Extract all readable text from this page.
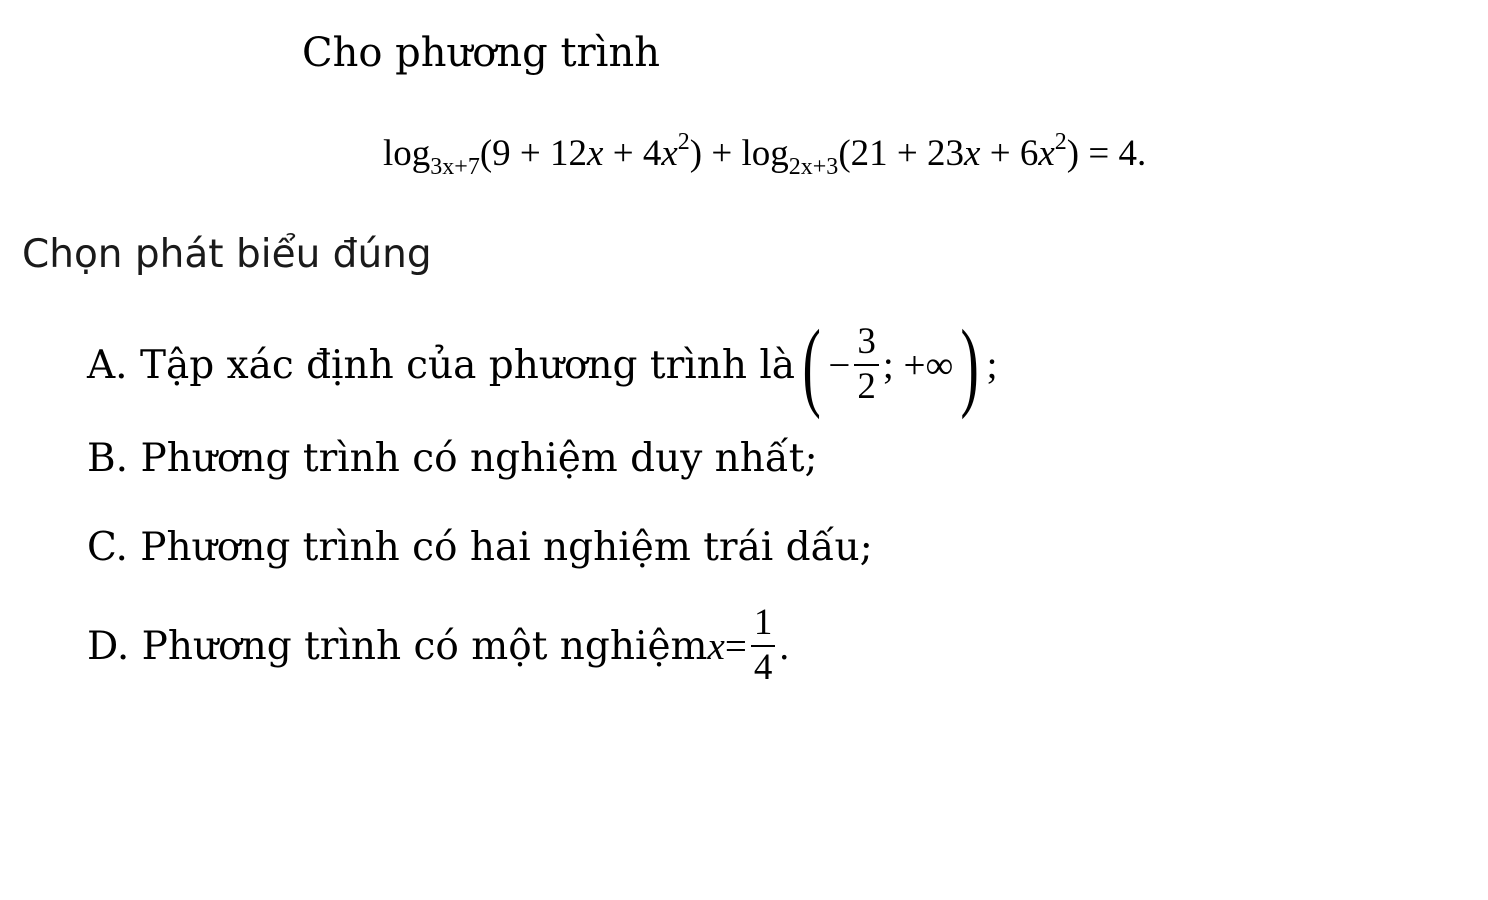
Cho phương trình
$\log_{3x+7}(9 + 12x + 4x^2) + \log_{2x+3}(21 + 23x + 6x^2) = 4$.
Chọn phát biểu đúng
A. Tập xác định của phương trình là ( − $\frac{3}{2}$ ; +∞ ) ;
B. Phương trình có nghiệm duy nhất;
C. Phương trình có hai nghiệm trái dấu;
D. Phương trình có một nghiệm $x = \frac{1}{4}$ .
